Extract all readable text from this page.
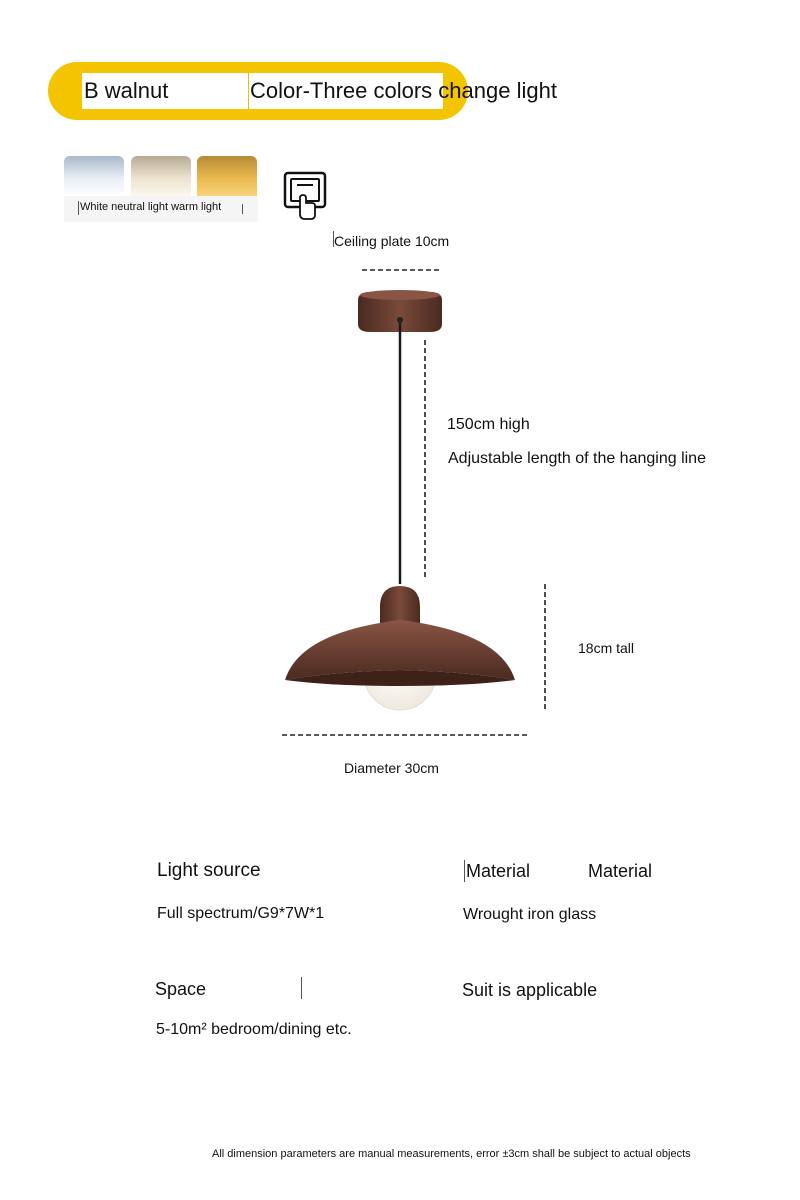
B walnut	Color-Three colors change light
White neutral light warm light
Ceiling plate 10cm
150cm high
Adjustable length of the hanging line
18cm tall
Diameter 30cm
Light source
Full spectrum/G9*7W*1
Material	Material
Wrought iron glass
Space
5-10m² bedroom/dining etc.
Suit is applicable
All dimension parameters are manual measurements, error ±3cm shall be subject to actual objects
